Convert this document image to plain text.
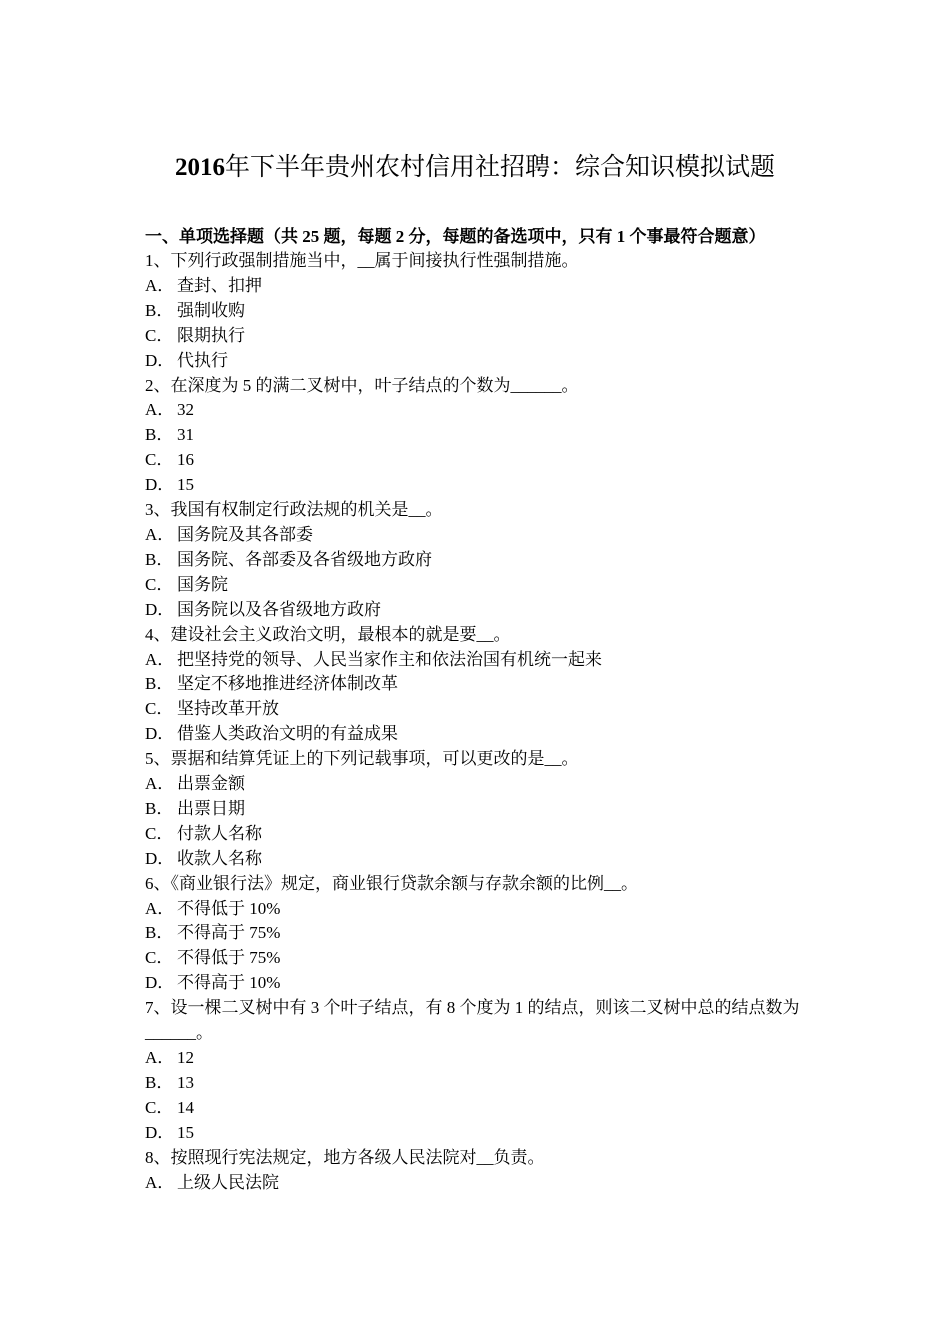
2016年下半年贵州农村信用社招聘：综合知识模拟试题

一、单项选择题（共 25 题，每题 2 分，每题的备选项中，只有 1 个事最符合题意）

1、下列行政强制措施当中，__属于间接执行性强制措施。

A． 查封、扣押

B． 强制收购

C． 限期执行

D． 代执行

2、在深度为 5 的满二叉树中，叶子结点的个数为______。

A． 32

B． 31

C． 16

D． 15

3、我国有权制定行政法规的机关是__。

A． 国务院及其各部委

B． 国务院、各部委及各省级地方政府

C． 国务院

D． 国务院以及各省级地方政府

4、建设社会主义政治文明，最根本的就是要__。

A． 把坚持党的领导、人民当家作主和依法治国有机统一起来

B． 坚定不移地推进经济体制改革

C． 坚持改革开放

D． 借鉴人类政治文明的有益成果

5、票据和结算凭证上的下列记载事项，可以更改的是__。

A． 出票金额

B． 出票日期

C． 付款人名称

D． 收款人名称

6、《商业银行法》规定，商业银行贷款余额与存款余额的比例__。

A． 不得低于 10%

B． 不得高于 75%

C． 不得低于 75%

D． 不得高于 10%

7、设一棵二叉树中有 3 个叶子结点，有 8 个度为 1 的结点，则该二叉树中总的结点数为______。

A． 12

B． 13

C． 14

D． 15

8、按照现行宪法规定，地方各级人民法院对__负责。

A． 上级人民法院
